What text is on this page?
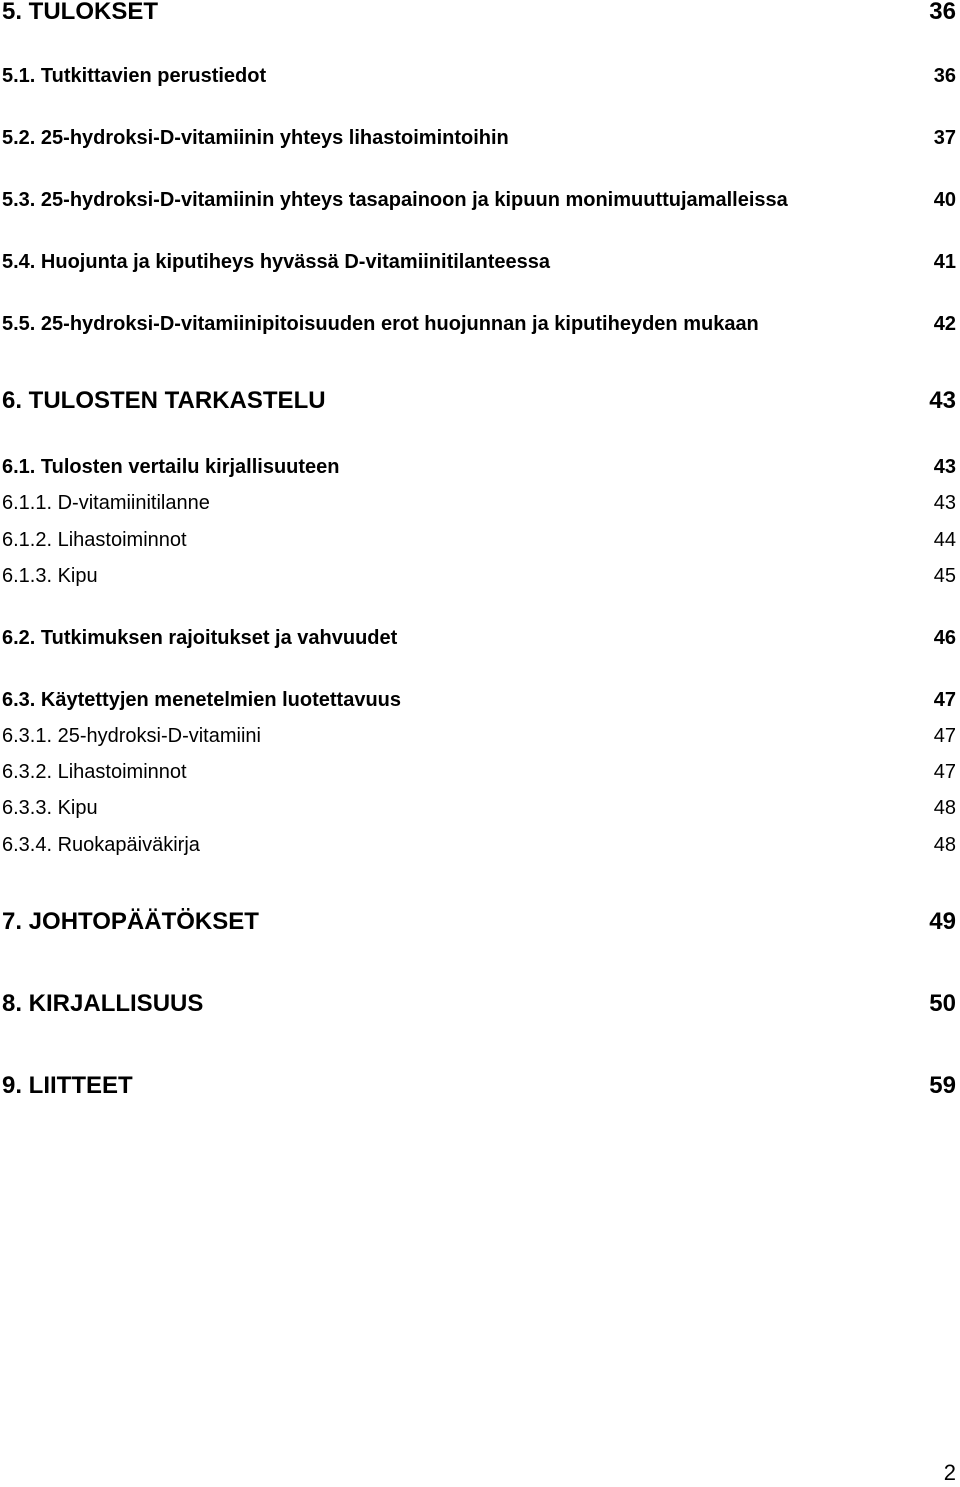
5. TULOKSET	36
5.1. Tutkittavien perustiedot	36
5.2. 25-hydroksi-D-vitamiinin yhteys lihastoimintoihin	37
5.3. 25-hydroksi-D-vitamiinin yhteys tasapainoon ja kipuun monimuuttujamalleissa	40
5.4. Huojunta ja kiputiheys hyvässä D-vitamiinitilanteessa	41
5.5. 25-hydroksi-D-vitamiinipitoisuuden erot huojunnan ja kiputiheyden mukaan	42
6. TULOSTEN TARKASTELU	43
6.1. Tulosten vertailu kirjallisuuteen	43
6.1.1. D-vitamiinitilanne	43
6.1.2. Lihastoiminnot	44
6.1.3. Kipu	45
6.2. Tutkimuksen rajoitukset ja vahvuudet	46
6.3. Käytettyjen menetelmien luotettavuus	47
6.3.1. 25-hydroksi-D-vitamiini	47
6.3.2. Lihastoiminnot	47
6.3.3. Kipu	48
6.3.4. Ruokapäiväkirja	48
7. JOHTOPÄÄTÖKSET	49
8. KIRJALLISUUS	50
9. LIITTEET	59
2
